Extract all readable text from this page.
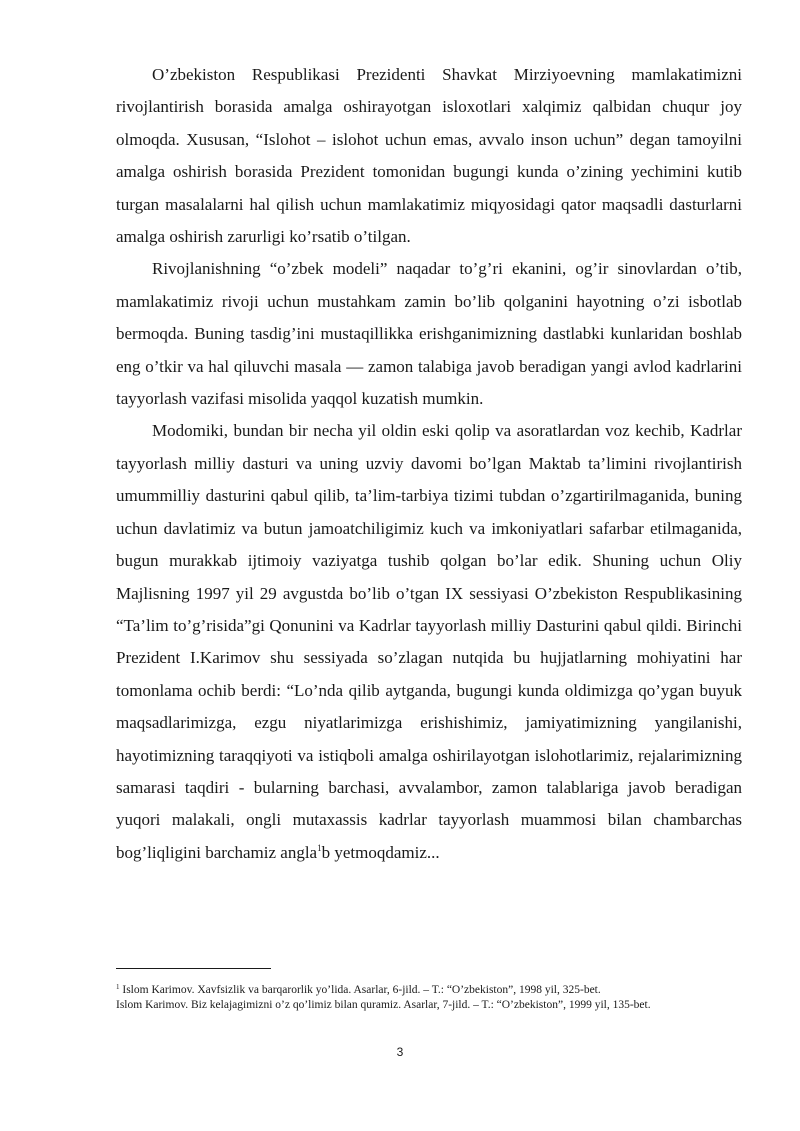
O’zbekiston Respublikasi Prezidenti Shavkat Mirziyoevning mamlakatimizni rivojlantirish borasida amalga oshirayotgan isloxotlari xalqimiz qalbidan chuqur joy olmoqda. Xususan, “Islohot – islohot uchun emas, avvalo inson uchun” degan tamoyilni amalga oshirish borasida Prezident tomonidan bugungi kunda o’zining yechimini kutib turgan masalalarni hal qilish uchun mamlakatimiz miqyosidagi qator maqsadli dasturlarni amalga oshirish zarurligi ko’rsatib o’tilgan.

Rivojlanishning “o’zbek modeli” naqadar to’g’ri ekanini, og’ir sinovlardan o’tib, mamlakatimiz rivoji uchun mustahkam zamin bo’lib qolganini hayotning o’zi isbotlab bermoqda. Buning tasdig’ini mustaqillikka erishganimizning dastlabki kunlaridan boshlab eng o’tkir va hal qiluvchi masala — zamon talabiga javob beradigan yangi avlod kadrlarini tayyorlash vazifasi misolida yaqqol kuzatish mumkin.

Modomiki, bundan bir necha yil oldin eski qolip va asoratlardan voz kechib, Kadrlar tayyorlash milliy dasturi va uning uzviy davomi bo’lgan Maktab ta’limini rivojlantirish umummilliy dasturini qabul qilib, ta’lim-tarbiya tizimi tubdan o’zgartirilmaganida, buning uchun davlatimiz va butun jamoatchiligimiz kuch va imkoniyatlari safarbar etilmaganida, bugun murakkab ijtimoiy vaziyatga tushib qolgan bo’lar edik. Shuning uchun Oliy Majlisning 1997 yil 29 avgustda bo’lib o’tgan IX sessiyasi O’zbekiston Respublikasining “Ta’lim to’g’risida”gi Qonunini va Kadrlar tayyorlash milliy Dasturini qabul qildi. Birinchi Prezident I.Karimov shu sessiyada so’zlagan nutqida bu hujjatlarning mohiyatini har tomonlama ochib berdi: “Lo’nda qilib aytganda, bugungi kunda oldimizga qo’ygan buyuk maqsadlarimizga, ezgu niyatlarimizga erishishimiz, jamiyatimizning yangilanishi, hayotimizning taraqqiyoti va istiqboli amalga oshirilayotgan islohotlarimiz, rejalarimizning samarasi taqdiri - bularning barchasi, avvalambor, zamon talablariga javob beradigan yuqori malakali, ongli mutaxassis kadrlar tayyorlash muammosi bilan chambarchas bog’liqligini barchamiz angla$^1$b yetmoqdamiz...

$^1$ Islom Karimov. Xavfsizlik va barqarorlik yo’lida. Asarlar, 6-jild. – T.: “O’zbekiston”, 1998 yil, 325-bet.

Islom Karimov. Biz kelajagimizni o’z qo’limiz bilan quramiz. Asarlar, 7-jild. – T.: “O’zbekiston”, 1999 yil, 135-bet.

3
